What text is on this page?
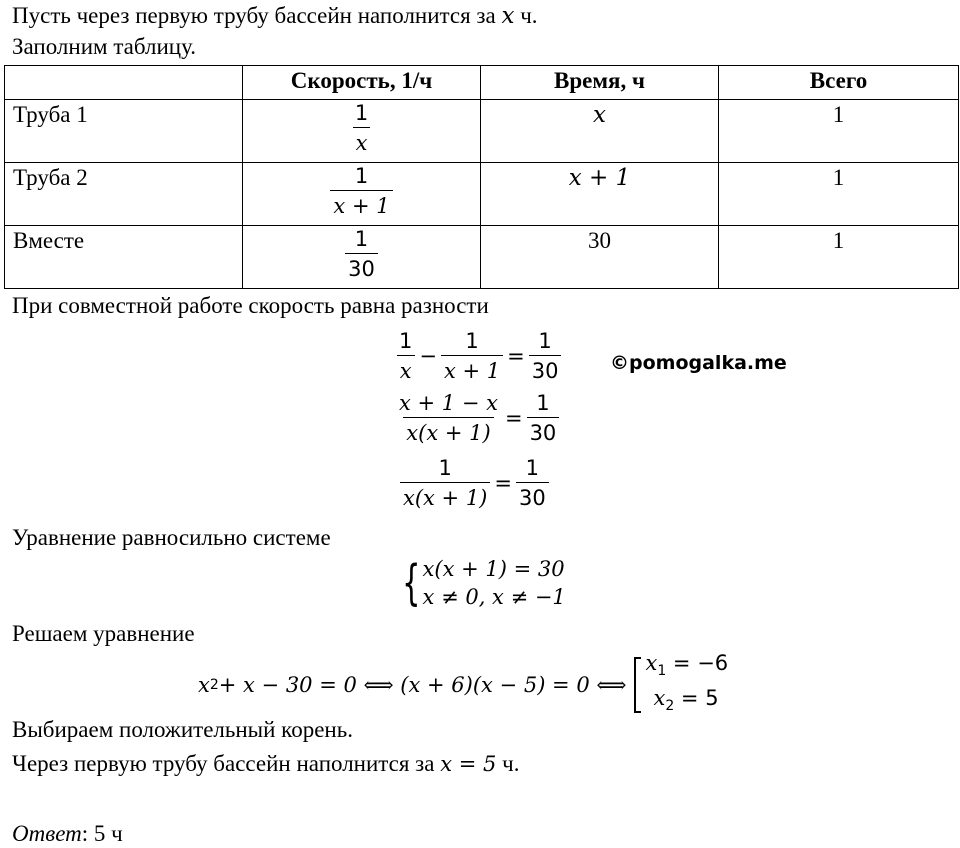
Пусть через первую трубу бассейн наполнится за x ч.
Заполним таблицу.
	Скорость, 1/ч	Время, ч	Всего
Труба 1	$\frac{1}{x}$	x	1
Труба 2	$\frac{1}{x + 1}$	x + 1	1
Вместе	$\frac{1}{30}$	30	1
При совместной работе скорость равна разности
$\frac{1}{x} - \frac{1}{x + 1} = \frac{1}{30}$	©pomogalka.me
$\frac{x + 1 - x}{x(x + 1)} = \frac{1}{30}$
$\frac{1}{x(x + 1)} = \frac{1}{30}$
Уравнение равносильно системе
{ x(x + 1) = 30
x ≠ 0, x ≠ −1
Решаем уравнение
x 2 + x − 30 = 0 ⟺ (x + 6)(x − 5) = 0 ⟺
$x_1 = -6$
$x_2 = 5$
Выбираем положительный корень.
Через первую трубу бассейн наполнится за x = 5 ч.
Ответ: 5 ч
